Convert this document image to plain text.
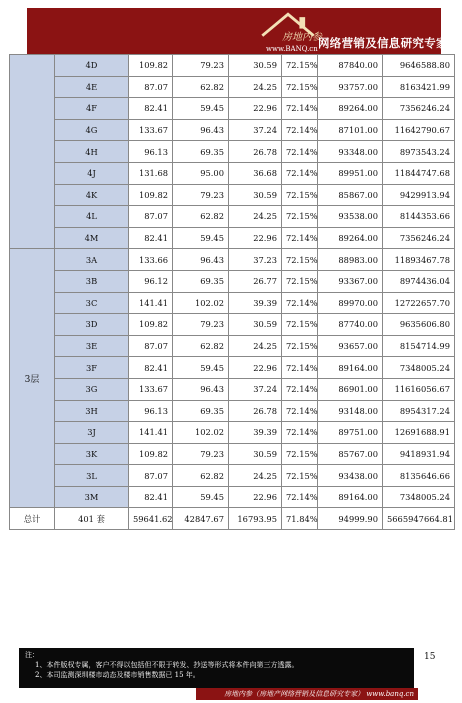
房地内参
www.BANQ.cn 网络营销及信息研究专家
	4D	109.82	79.23	30.59	72.15%	87840.00	9646588.80
	4E	87.07	62.82	24.25	72.15%	93757.00	8163421.99
	4F	82.41	59.45	22.96	72.14%	89264.00	7356246.24
	4G	133.67	96.43	37.24	72.14%	87101.00	11642790.67
	4H	96.13	69.35	26.78	72.14%	93348.00	8973543.24
	4J	131.68	95.00	36.68	72.14%	89951.00	11844747.68
	4K	109.82	79.23	30.59	72.15%	85867.00	9429913.94
	4L	87.07	62.82	24.25	72.15%	93538.00	8144353.66
	4M	82.41	59.45	22.96	72.14%	89264.00	7356246.24
3层	3A	133.66	96.43	37.23	72.15%	88983.00	11893467.78
	3B	96.12	69.35	26.77	72.15%	93367.00	8974436.04
	3C	141.41	102.02	39.39	72.14%	89970.00	12722657.70
	3D	109.82	79.23	30.59	72.15%	87740.00	9635606.80
	3E	87.07	62.82	24.25	72.15%	93657.00	8154714.99
	3F	82.41	59.45	22.96	72.14%	89164.00	7348005.24
	3G	133.67	96.43	37.24	72.14%	86901.00	11616056.67
	3H	96.13	69.35	26.78	72.14%	93148.00	8954317.24
	3J	141.41	102.02	39.39	72.14%	89751.00	12691688.91
	3K	109.82	79.23	30.59	72.15%	85767.00	9418931.94
	3L	87.07	62.82	24.25	72.15%	93438.00	8135646.66
	3M	82.41	59.45	22.96	72.14%	89164.00	7348005.24
总计	401 套	59641.62	42847.67	16793.95	71.84%	94999.90	5665947664.81
15
注：
1、本件版权专属，客户不得以包括但不限于转发、抄送等形式将本件向第三方透露。
2、本司监测深圳楼市动态及楼市销售数据已 15 年。
房地内参（房地产网络营销及信息研究专家） www.banq.cn
